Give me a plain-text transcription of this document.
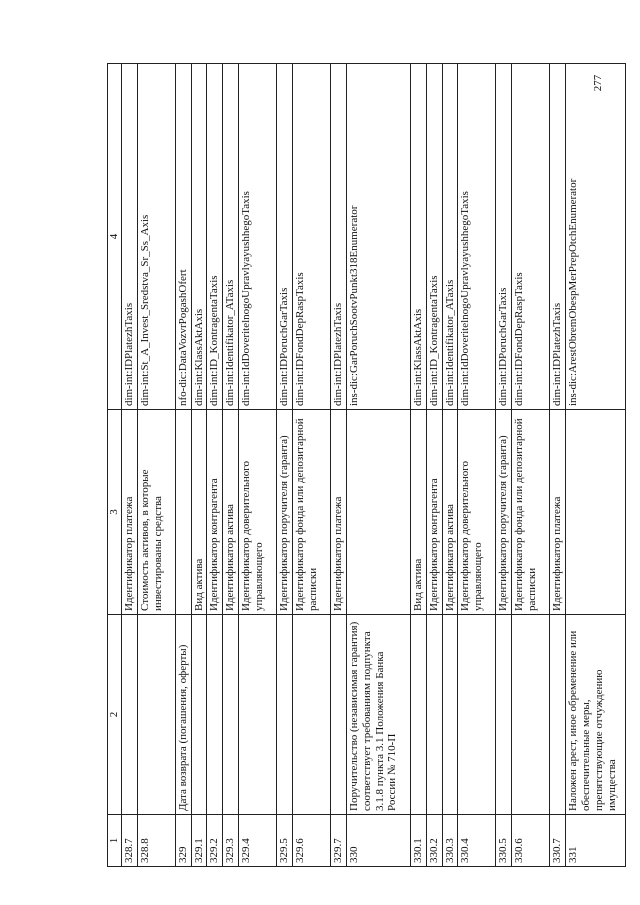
277
1	2	3	4
328.7		Идентификатор платежа	dim-int:IDPlatezhTaxis
328.8		Стоимость активов, в которые инвестированы средства	dim-int:St_A_Invest_Sredstva_Sr_Ss_Axis
329	Дата возврата (погашения, оферты)		nfo-dic:DataVozvrPogashOfert
329.1		Вид актива	dim-int:KlassAktAxis
329.2		Идентификатор контрагента	dim-int:ID_KontragentaTaxis
329.3		Идентификатор актива	dim-int:Identifikator_ATaxis
329.4		Идентификатор доверительного управляющего	dim-int:IdDoveritelnogoUpravlyayushhegoTaxis
329.5		Идентификатор поручителя (гаранта)	dim-int:IDPoruchGarTaxis
329.6		Идентификатор фонда или депозитарной расписки	dim-int:IDFondDepRaspTaxis
329.7		Идентификатор платежа	dim-int:IDPlatezhTaxis
330	Поручительство (независимая гарантия) соответствует требованиям подпункта 3.1.8 пункта 3.1 Положения Банка России № 710-П		ins-dic:GarPoruchSootvPunkt318Enumerator
330.1		Вид актива	dim-int:KlassAktAxis
330.2		Идентификатор контрагента	dim-int:ID_KontragentaTaxis
330.3		Идентификатор актива	dim-int:Identifikator_ATaxis
330.4		Идентификатор доверительного управляющего	dim-int:IdDoveritelnogoUpravlyayushhegoTaxis
330.5		Идентификатор поручителя (гаранта)	dim-int:IDPoruchGarTaxis
330.6		Идентификатор фонда или депозитарной расписки	dim-int:IDFondDepRaspTaxis
330.7		Идентификатор платежа	dim-int:IDPlatezhTaxis
331	Наложен арест, иное обременение или обеспечительные меры, препятствующие отчуждению имущества		ins-dic:ArestObremObespMerPrepOtchEnumerator
